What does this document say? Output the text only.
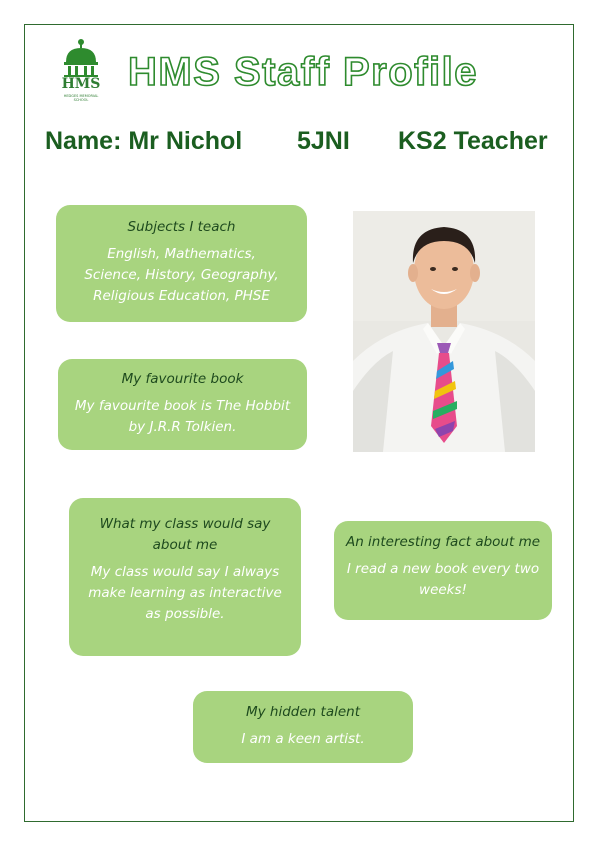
HMS
HEDGES MEMORIAL SCHOOL
HMS Staff Profile
Name: Mr Nichol 5JNI KS2 Teacher
Subjects I teach
English, Mathematics, Science, History, Geography, Religious Education, PHSE
My favourite book
My favourite book is The Hobbit by J.R.R Tolkien.
What my class would say about me
My class would say I always make learning as interactive as possible.
An interesting fact about me
I read a new book every two weeks!
My hidden talent
I am a keen artist.
